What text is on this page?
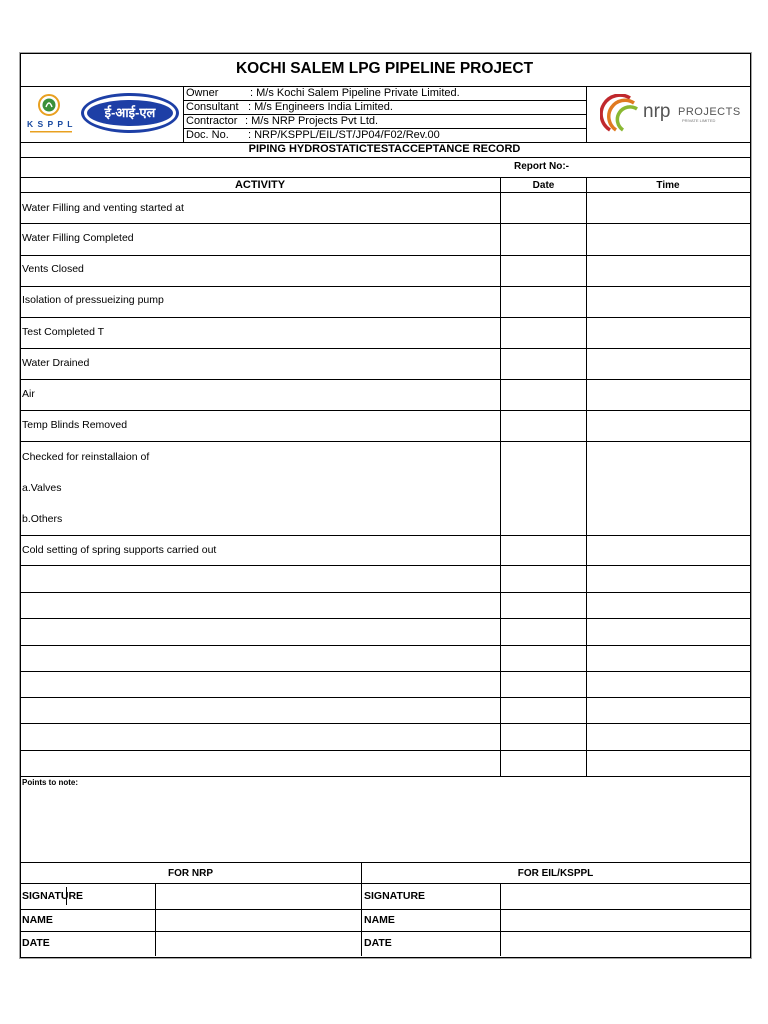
KOCHI SALEM LPG PIPELINE PROJECT
K S P P L
ई-आई-एल
Owner	: M/s Kochi Salem Pipeline Private Limited.
Consultant : M/s Engineers India Limited.
Contractor : M/s NRP Projects Pvt Ltd.
Doc. No. : NRP/KSPPL/EIL/ST/JP04/F02/Rev.00
nrp PROJECTS
PRIVATE LIMITED
PIPING HYDROSTATICTESTACCEPTANCE RECORD
Report No:-
ACTIVITY	Date	Time
Water Filling and venting started at
Water Filling Completed
Vents Closed
Isolation of pressueizing pump
Test Completed T
Water Drained
Air
Temp Blinds Removed
Checked for reinstallaion of
a.Valves
b.Others
Cold setting of spring supports carried out
Points to note:
FOR NRP	FOR EIL/KSPPL
SIGNATURE	SIGNATURE
NAME	NAME
DATE	DATE
